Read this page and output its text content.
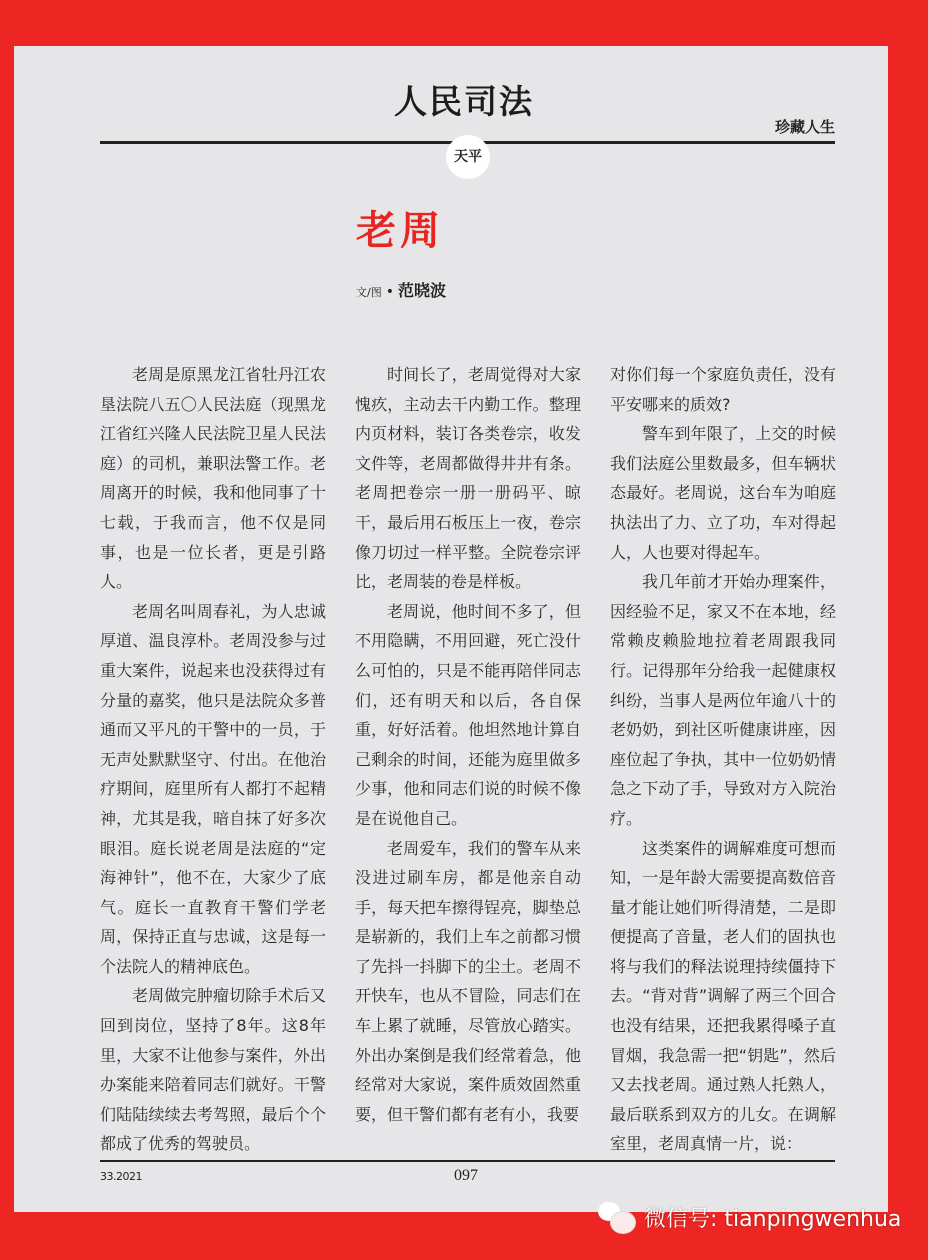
人民司法
珍藏人生
天平
老周
文/图 • 范晓波

老周是原黑龙江省牡丹江农垦法院八五〇人民法庭（现黑龙江省红兴隆人民法院卫星人民法庭）的司机，兼职法警工作。老周离开的时候，我和他同事了十七载，于我而言，他不仅是同事，也是一位长者，更是引路人。

老周名叫周春礼，为人忠诚厚道、温良淳朴。老周没参与过重大案件，说起来也没获得过有分量的嘉奖，他只是法院众多普通而又平凡的干警中的一员，于无声处默默坚守、付出。在他治疗期间，庭里所有人都打不起精神，尤其是我，暗自抹了好多次眼泪。庭长说老周是法庭的“定海神针”，他不在，大家少了底气。庭长一直教育干警们学老周，保持正直与忠诚，这是每一个法院人的精神底色。

老周做完肿瘤切除手术后又回到岗位，坚持了8年。这8年里，大家不让他参与案件，外出办案能来陪着同志们就好。干警们陆陆续续去考驾照，最后个个都成了优秀的驾驶员。

时间长了，老周觉得对大家愧疚，主动去干内勤工作。整理内页材料，装订各类卷宗，收发文件等，老周都做得井井有条。老周把卷宗一册一册码平、晾干，最后用石板压上一夜，卷宗像刀切过一样平整。全院卷宗评比，老周装的卷是样板。

老周说，他时间不多了，但不用隐瞒，不用回避，死亡没什么可怕的，只是不能再陪伴同志们，还有明天和以后，各自保重，好好活着。他坦然地计算自己剩余的时间，还能为庭里做多少事，他和同志们说的时候不像是在说他自己。

老周爱车，我们的警车从来没进过刷车房，都是他亲自动手，每天把车擦得锃亮，脚垫总是崭新的，我们上车之前都习惯了先抖一抖脚下的尘土。老周不开快车，也从不冒险，同志们在车上累了就睡，尽管放心踏实。外出办案倒是我们经常着急，他经常对大家说，案件质效固然重要，但干警们都有老有小，我要

对你们每一个家庭负责任，没有平安哪来的质效?

警车到年限了，上交的时候我们法庭公里数最多，但车辆状态最好。老周说，这台车为咱庭执法出了力、立了功，车对得起人，人也要对得起车。

我几年前才开始办理案件，因经验不足，家又不在本地，经常赖皮赖脸地拉着老周跟我同行。记得那年分给我一起健康权纠纷，当事人是两位年逾八十的老奶奶，到社区听健康讲座，因座位起了争执，其中一位奶奶情急之下动了手，导致对方入院治疗。

这类案件的调解难度可想而知，一是年龄大需要提高数倍音量才能让她们听得清楚，二是即便提高了音量，老人们的固执也将与我们的释法说理持续僵持下去。“背对背”调解了两三个回合也没有结果，还把我累得嗓子直冒烟，我急需一把“钥匙”，然后又去找老周。通过熟人托熟人，最后联系到双方的儿女。在调解室里，老周真情一片，说：

33.2021	097
微信号: tianpingwenhua
